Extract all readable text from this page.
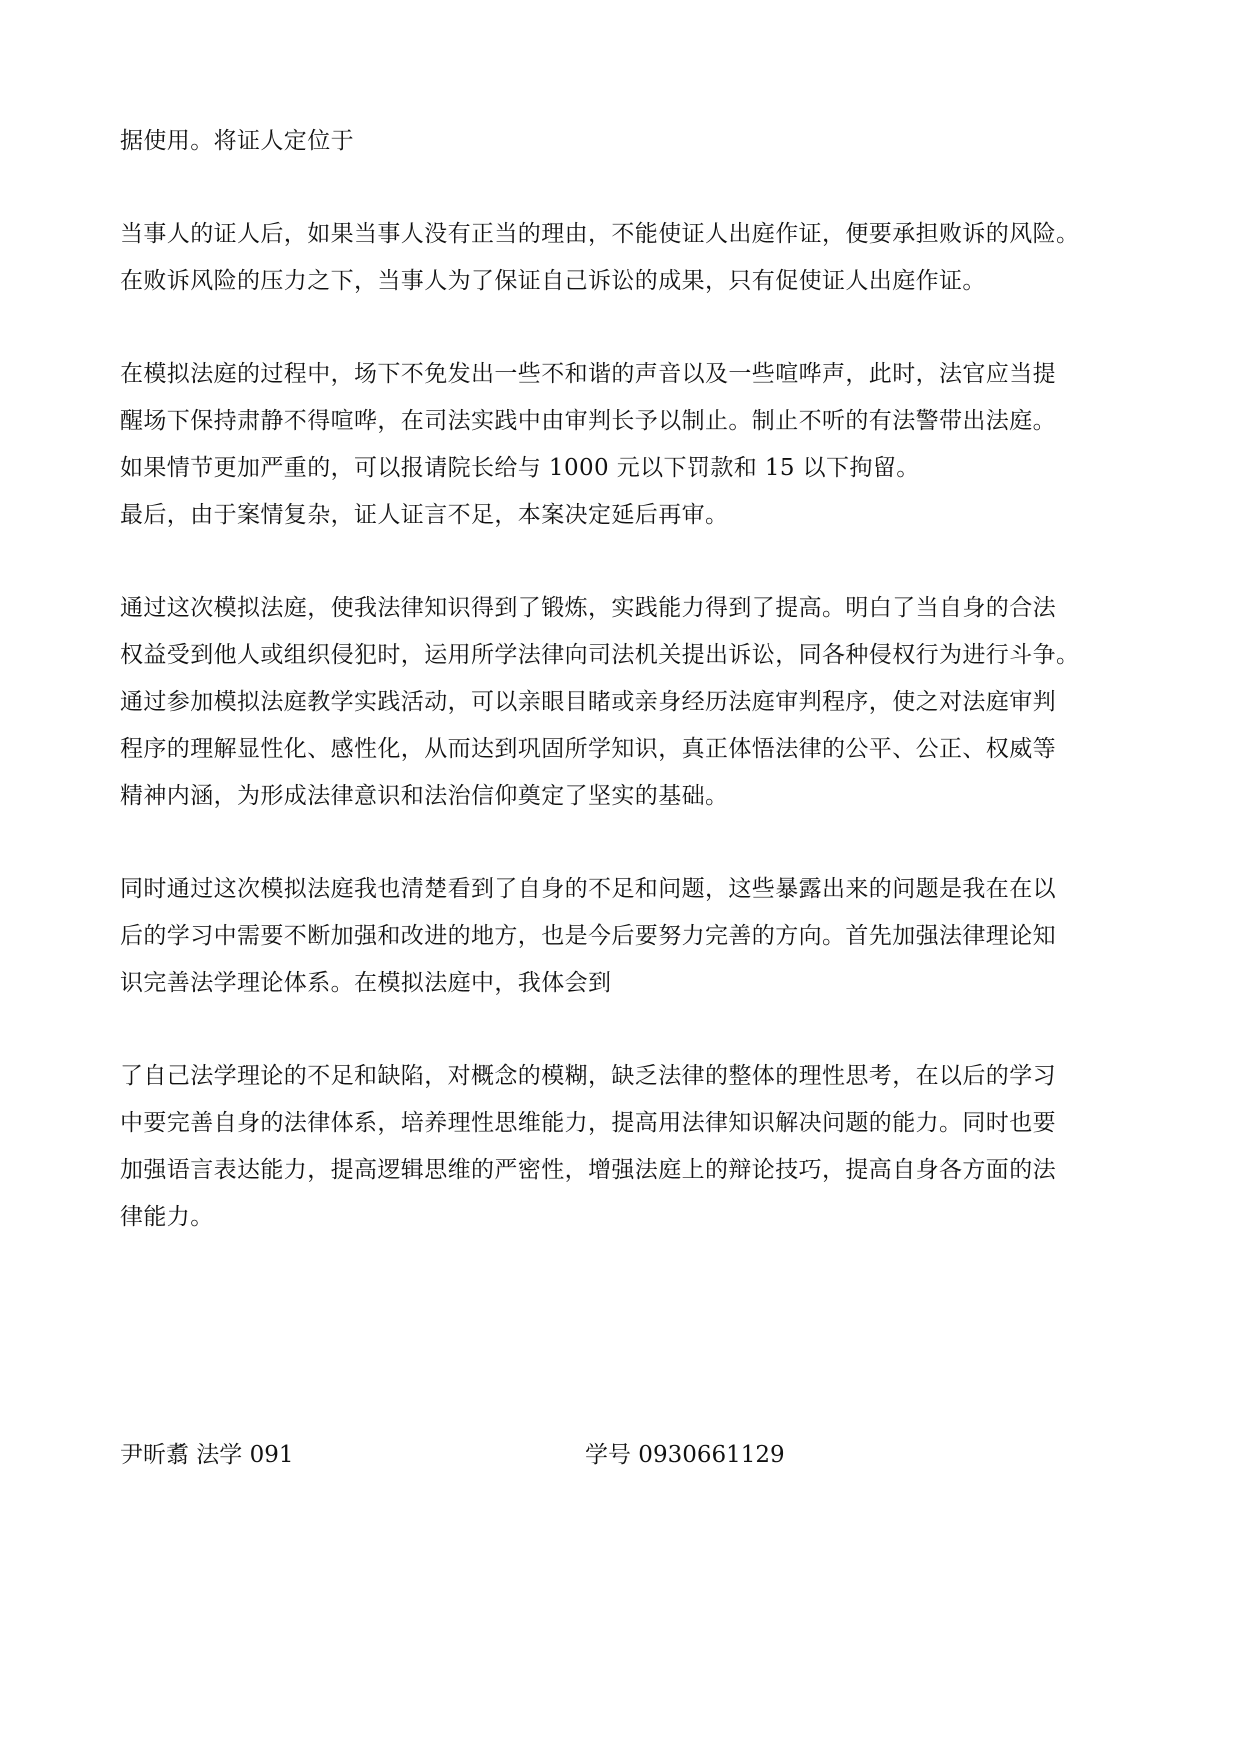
据使用。将证人定位于
当事人的证人后，如果当事人没有正当的理由，不能使证人出庭作证，便要承担败诉的风险。
在败诉风险的压力之下，当事人为了保证自己诉讼的成果，只有促使证人出庭作证。
在模拟法庭的过程中，场下不免发出一些不和谐的声音以及一些喧哗声，此时，法官应当提
醒场下保持肃静不得喧哗，在司法实践中由审判长予以制止。制止不听的有法警带出法庭。
如果情节更加严重的，可以报请院长给与 1000 元以下罚款和 15 以下拘留。
最后，由于案情复杂，证人证言不足，本案决定延后再审。
通过这次模拟法庭，使我法律知识得到了锻炼，实践能力得到了提高。明白了当自身的合法
权益受到他人或组织侵犯时，运用所学法律向司法机关提出诉讼，同各种侵权行为进行斗争。
通过参加模拟法庭教学实践活动，可以亲眼目睹或亲身经历法庭审判程序，使之对法庭审判
程序的理解显性化、感性化，从而达到巩固所学知识，真正体悟法律的公平、公正、权威等
精神内涵，为形成法律意识和法治信仰奠定了坚实的基础。
同时通过这次模拟法庭我也清楚看到了自身的不足和问题，这些暴露出来的问题是我在在以
后的学习中需要不断加强和改进的地方，也是今后要努力完善的方向。首先加强法律理论知
识完善法学理论体系。在模拟法庭中，我体会到
了自己法学理论的不足和缺陷，对概念的模糊，缺乏法律的整体的理性思考，在以后的学习
中要完善自身的法律体系，培养理性思维能力，提高用法律知识解决问题的能力。同时也要
加强语言表达能力，提高逻辑思维的严密性，增强法庭上的辩论技巧，提高自身各方面的法
律能力。
尹昕翥 法学 091	学号 0930661129
